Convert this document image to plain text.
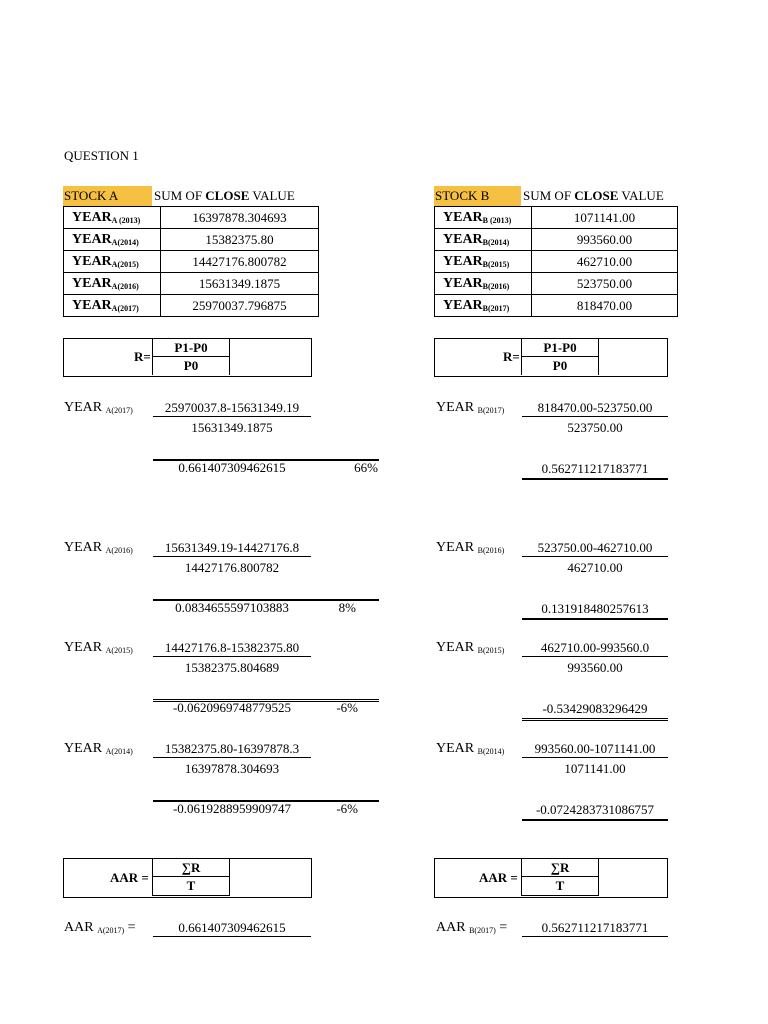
QUESTION 1
STOCK A	SUM OF CLOSE VALUE
$YEAR_{A (2013)}$	16397878.304693
$YEAR_{A(2014)}$	15382375.80
$YEAR_{A(2015)}$	14427176.800782
$YEAR_{A(2016)}$	15631349.1875
$YEAR_{A(2017)}$	25970037.796875
$R= \frac{P1-P0}{P0}$
YEAR $_{A(2017)}$	25970037.8-15631349.19
15631349.1875
0.661407309462615	66%
YEAR $_{A(2016)}$	15631349.19-14427176.8
14427176.800782
0.0834655597103883	8%
YEAR $_{A(2015)}$	14427176.8-15382375.80
15382375.804689
-0.0620969748779525	-6%
YEAR $_{A(2014)}$	15382375.80-16397878.3
16397878.304693
-0.0619288959909747	-6%
AAR = $\frac{\sum R}{T}$
AAR $_{A(2017)}$ =	0.661407309462615
STOCK B	SUM OF CLOSE VALUE
$YEAR_{B (2013)}$	1071141.00
$YEAR_{B(2014)}$	993560.00
$YEAR_{B(2015)}$	462710.00
$YEAR_{B(2016)}$	523750.00
$YEAR_{B(2017)}$	818470.00
$R= \frac{P1-P0}{P0}$
YEAR $_{B(2017)}$	818470.00-523750.00
523750.00
0.562711217183771
YEAR $_{B(2016)}$	523750.00-462710.00
462710.00
0.131918480257613
YEAR $_{B(2015)}$	462710.00-993560.0
993560.00
-0.53429083296429
YEAR $_{B(2014)}$	993560.00-1071141.00
1071141.00
-0.0724283731086757
AAR = $\frac{\sum R}{T}$
AAR $_{B(2017)}$ =	0.562711217183771
